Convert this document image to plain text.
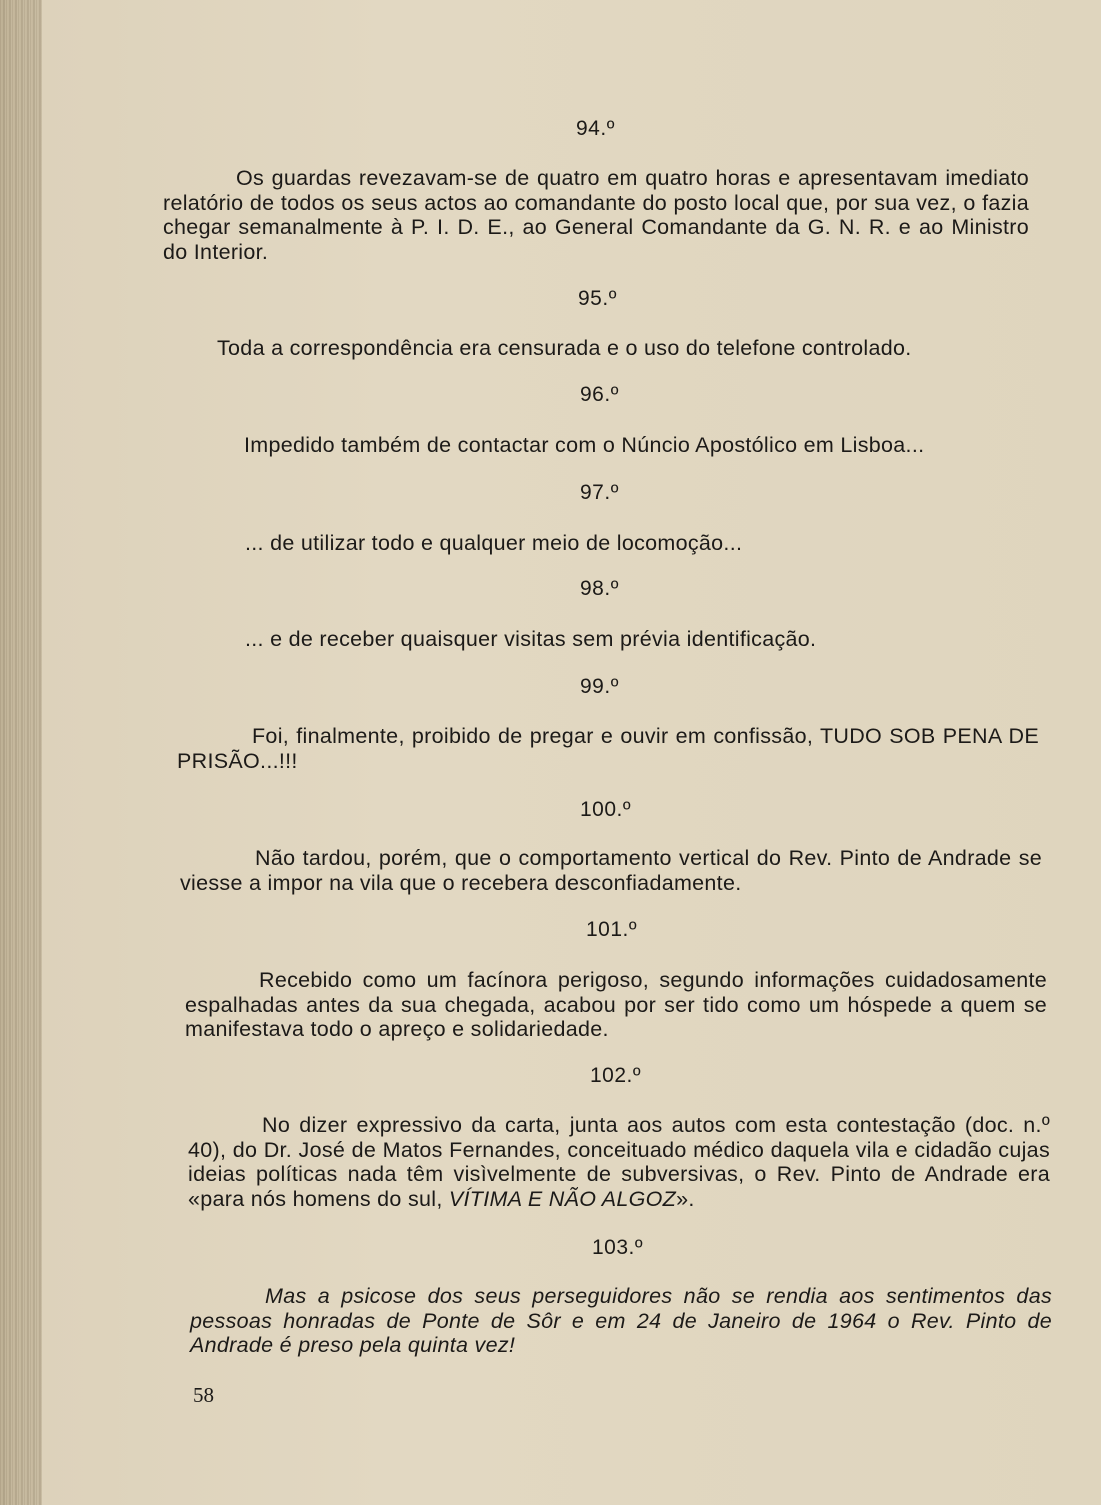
94.º
Os guardas revezavam-se de quatro em quatro horas e apresentavam imediato relatório de todos os seus actos ao comandante do posto local que, por sua vez, o fazia chegar semanalmente à P. I. D. E., ao General Comandante da G. N. R. e ao Ministro do Interior.
95.º
Toda a correspondência era censurada e o uso do telefone controlado.
96.º
Impedido também de contactar com o Núncio Apostólico em Lisboa...
97.º
... de utilizar todo e qualquer meio de locomoção...
98.º
... e de receber quaisquer visitas sem prévia identificação.
99.º
Foi, finalmente, proibido de pregar e ouvir em confissão, TUDO SOB PENA DE PRISÃO...!!!
100.º
Não tardou, porém, que o comportamento vertical do Rev. Pinto de Andrade se viesse a impor na vila que o recebera desconfiadamente.
101.º
Recebido como um facínora perigoso, segundo informações cuidadosamente espalhadas antes da sua chegada, acabou por ser tido como um hóspede a quem se manifestava todo o apreço e solidariedade.
102.º
No dizer expressivo da carta, junta aos autos com esta contestação (doc. n.º 40), do Dr. José de Matos Fernandes, conceituado médico daquela vila e cidadão cujas ideias políticas nada têm visìvelmente de subversivas, o Rev. Pinto de Andrade era «para nós homens do sul, VÍTIMA E NÃO ALGOZ».
103.º
Mas a psicose dos seus perseguidores não se rendia aos sentimentos das pessoas honradas de Ponte de Sôr e em 24 de Janeiro de 1964 o Rev. Pinto de Andrade é preso pela quinta vez!
58
